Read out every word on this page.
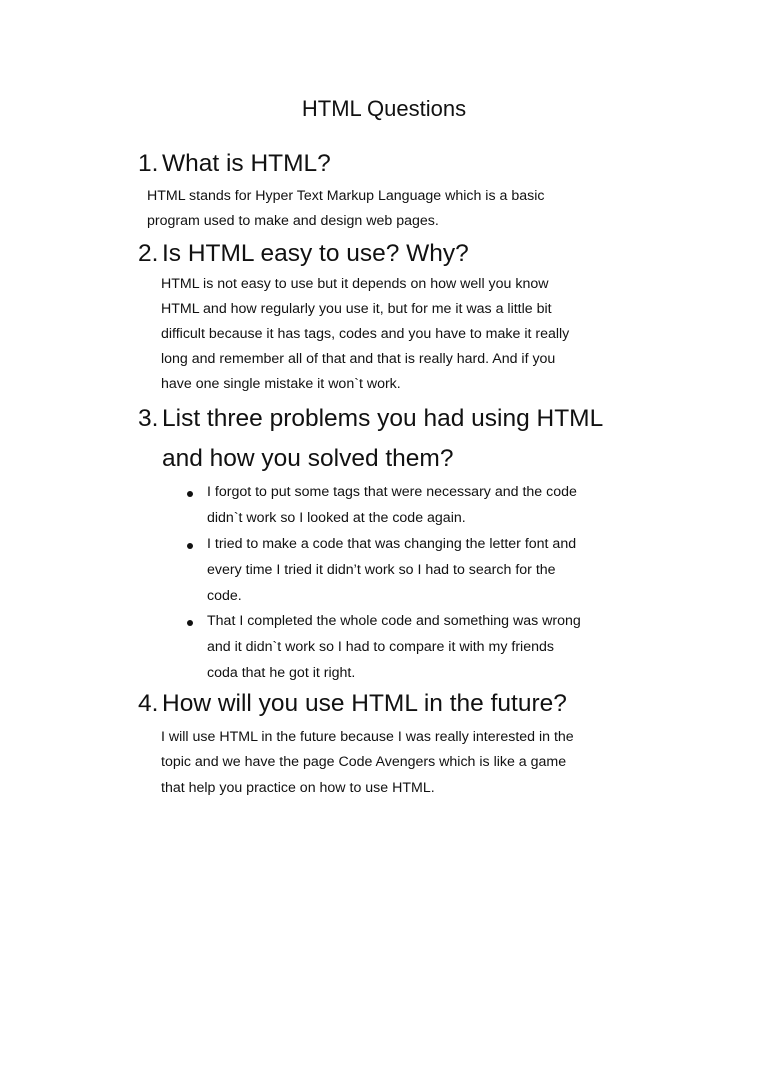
HTML Questions
1. What is HTML?
HTML stands for Hyper Text Markup Language which is a basic
program used to make and design web pages.
2. Is HTML easy to use? Why?
HTML is not easy to use but it depends on how well you know
HTML and how regularly you use it, but for me it was a little bit
difficult because it has tags, codes and you have to make it really
long and remember all of that and that is really hard. And if you
have one single mistake it won`t work.
3. List three problems you had using HTML
and how you solved them?
I forgot to put some tags that were necessary and the code
didn`t work so I looked at the code again.
I tried to make a code that was changing the letter font and
every time I tried it didn’t work so I had to search for the
code.
That I completed the whole code and something was wrong
and it didn`t work so I had to compare it with my friends
coda that he got it right.
4. How will you use HTML in the future?
I will use HTML in the future because I was really interested in the
topic and we have the page Code Avengers which is like a game
that help you practice on how to use HTML.
